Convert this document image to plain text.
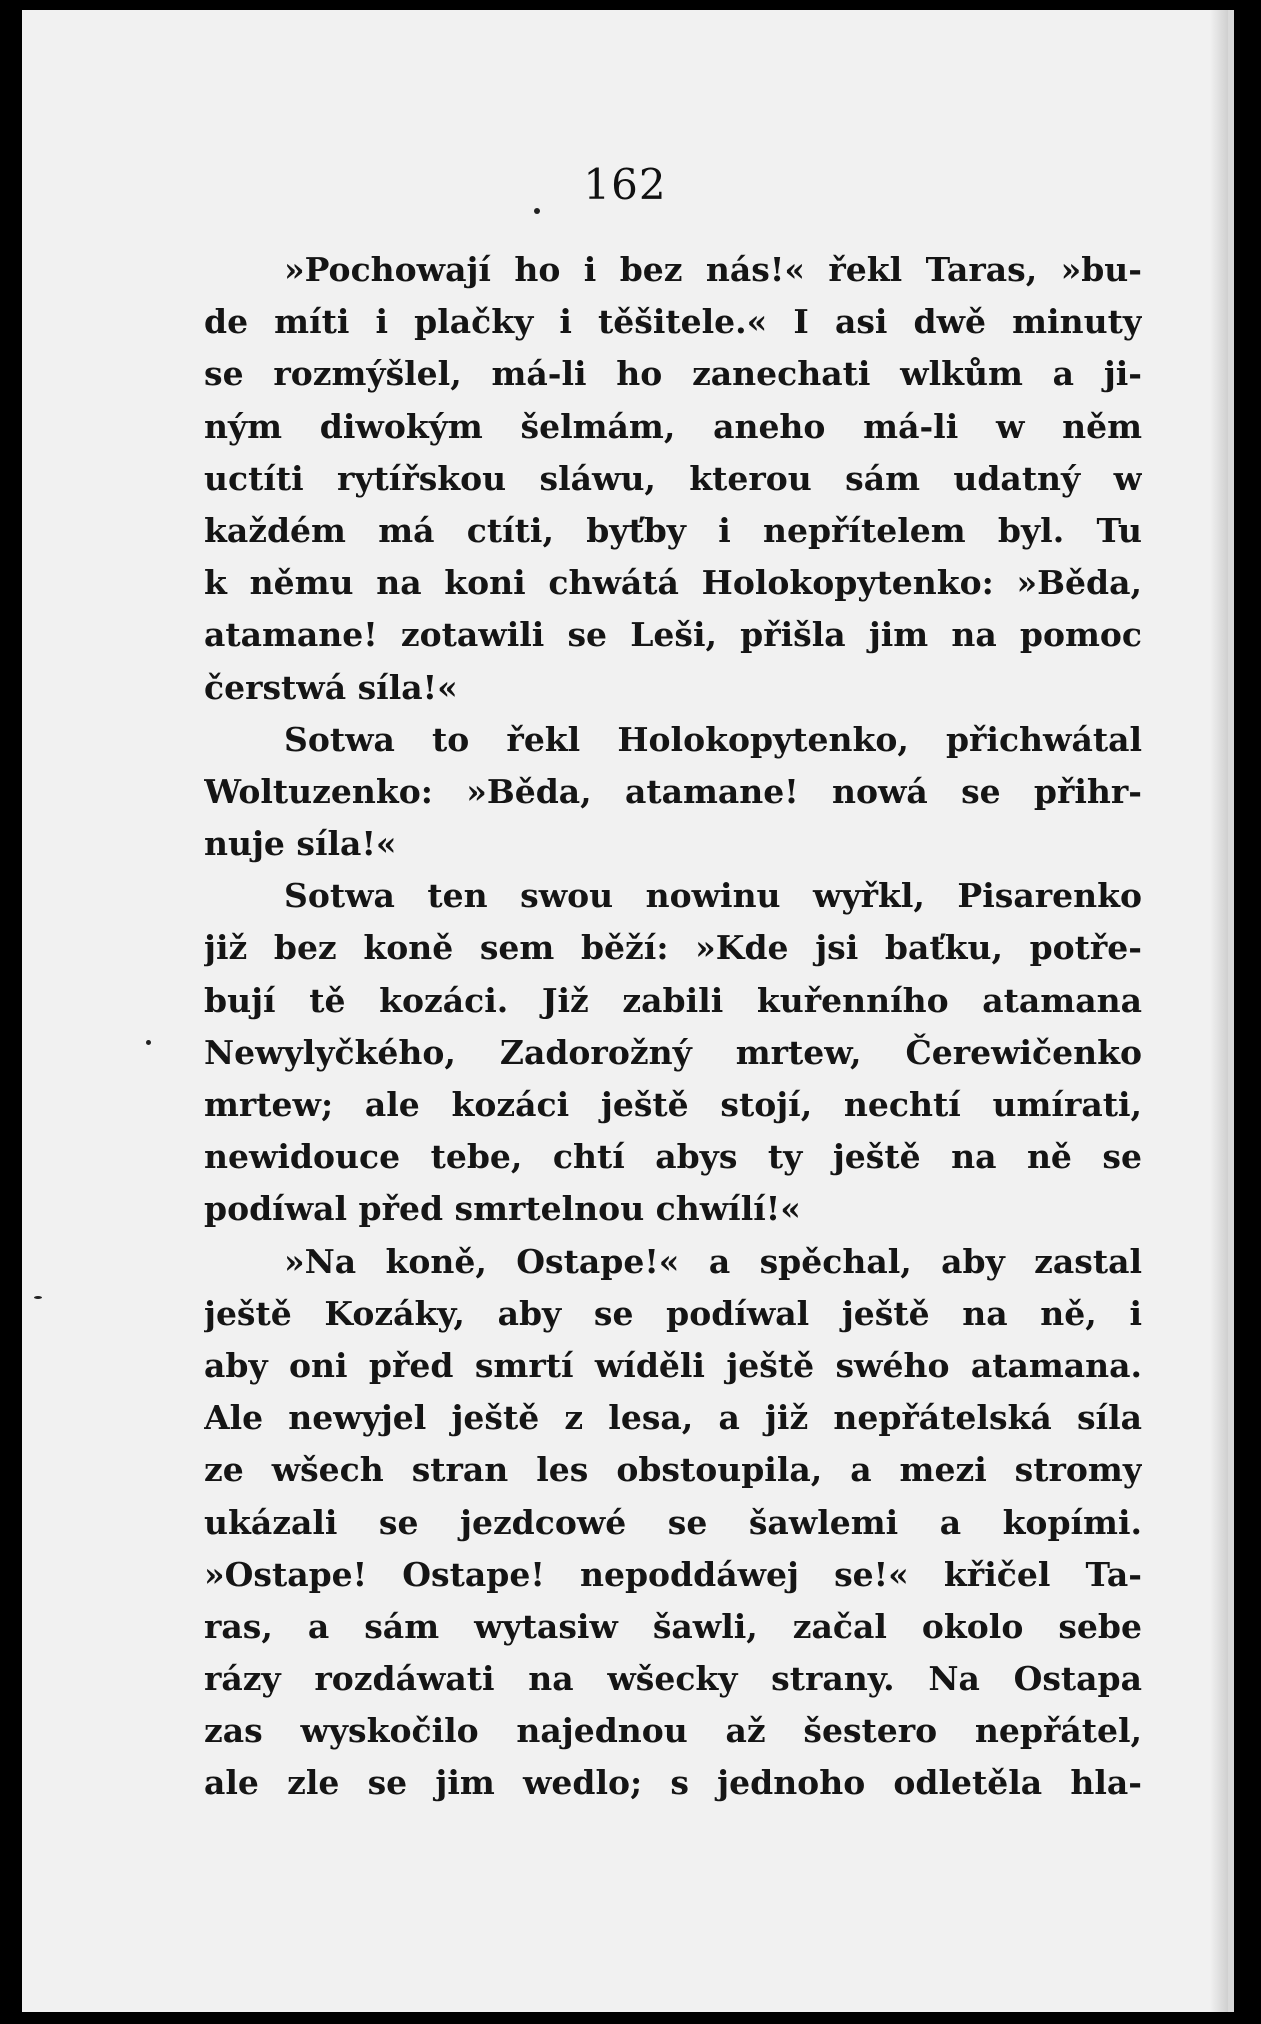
162
»Pochowají ho i bez nás!« řekl Taras, »bu-
de míti i plačky i těšitele.« I asi dwě minuty
se rozmýšlel, má-li ho zanechati wlkům a ji-
ným diwokým šelmám, aneho má-li w něm
uctíti rytířskou sláwu, kterou sám udatný w
každém má ctíti, byťby i nepřítelem byl. Tu
k němu na koni chwátá Holokopytenko: »Běda,
atamane! zotawili se Leši, přišla jim na pomoc
čerstwá síla!«
Sotwa to řekl Holokopytenko, přichwátal
Woltuzenko: »Běda, atamane! nowá se přihr-
nuje síla!«
Sotwa ten swou nowinu wyřkl, Pisarenko
již bez koně sem běží: »Kde jsi baťku, potře-
bují tě kozáci. Již zabili kuřenního atamana
Newylyčkého, Zadorožný mrtew, Čerewičenko
mrtew; ale kozáci ještě stojí, nechtí umírati,
newidouce tebe, chtí abys ty ještě na ně se
podíwal před smrtelnou chwílí!«
»Na koně, Ostape!« a spěchal, aby zastal
ještě Kozáky, aby se podíwal ještě na ně, i
aby oni před smrtí wíděli ještě swého atamana.
Ale newyjel ještě z lesa, a již nepřátelská síla
ze wšech stran les obstoupila, a mezi stromy
ukázali se jezdcowé se šawlemi a kopími.
»Ostape! Ostape! nepoddáwej se!« křičel Ta-
ras, a sám wytasiw šawli, začal okolo sebe
rázy rozdáwati na wšecky strany. Na Ostapa
zas wyskočilo najednou až šestero nepřátel,
ale zle se jim wedlo; s jednoho odletěla hla-
